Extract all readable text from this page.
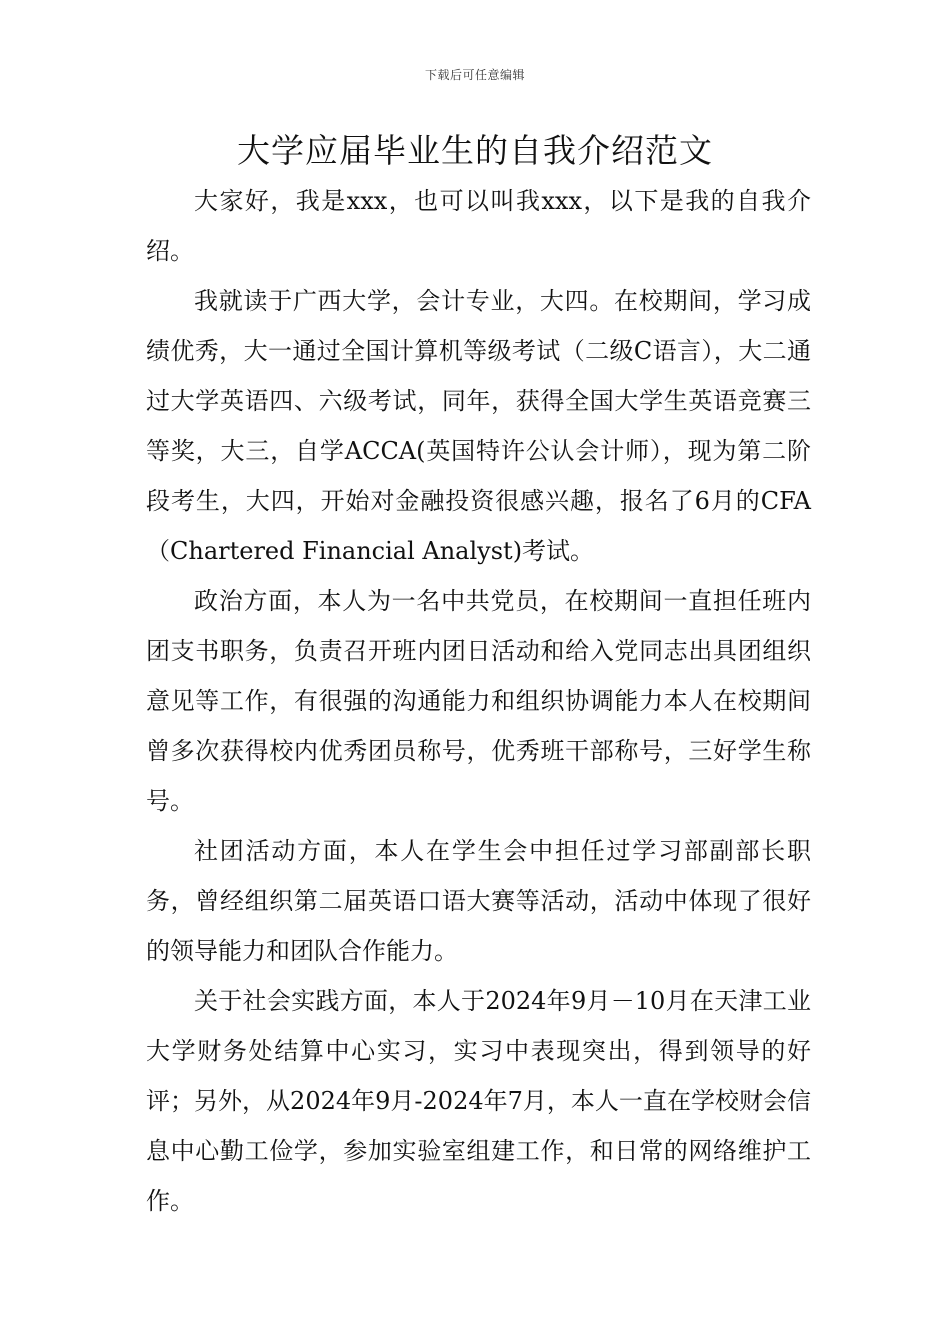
下载后可任意编辑
大学应届毕业生的自我介绍范文

大家好，我是xxx，也可以叫我xxx，以下是我的自我介绍。

我就读于广西大学，会计专业，大四。在校期间，学习成绩优秀，大一通过全国计算机等级考试（二级C语言），大二通过大学英语四、六级考试，同年，获得全国大学生英语竞赛三等奖，大三，自学ACCA(英国特许公认会计师），现为第二阶段考生，大四，开始对金融投资很感兴趣，报名了6月的CFA（Chartered Financial Analyst)考试。

政治方面，本人为一名中共党员，在校期间一直担任班内团支书职务，负责召开班内团日活动和给入党同志出具团组织意见等工作，有很强的沟通能力和组织协调能力本人在校期间曾多次获得校内优秀团员称号，优秀班干部称号，三好学生称号。

社团活动方面，本人在学生会中担任过学习部副部长职务，曾经组织第二届英语口语大赛等活动，活动中体现了很好的领导能力和团队合作能力。

关于社会实践方面，本人于2024年9月－10月在天津工业大学财务处结算中心实习，实习中表现突出，得到领导的好评；另外，从2024年9月-2024年7月，本人一直在学校财会信息中心勤工俭学，参加实验室组建工作，和日常的网络维护工作。
